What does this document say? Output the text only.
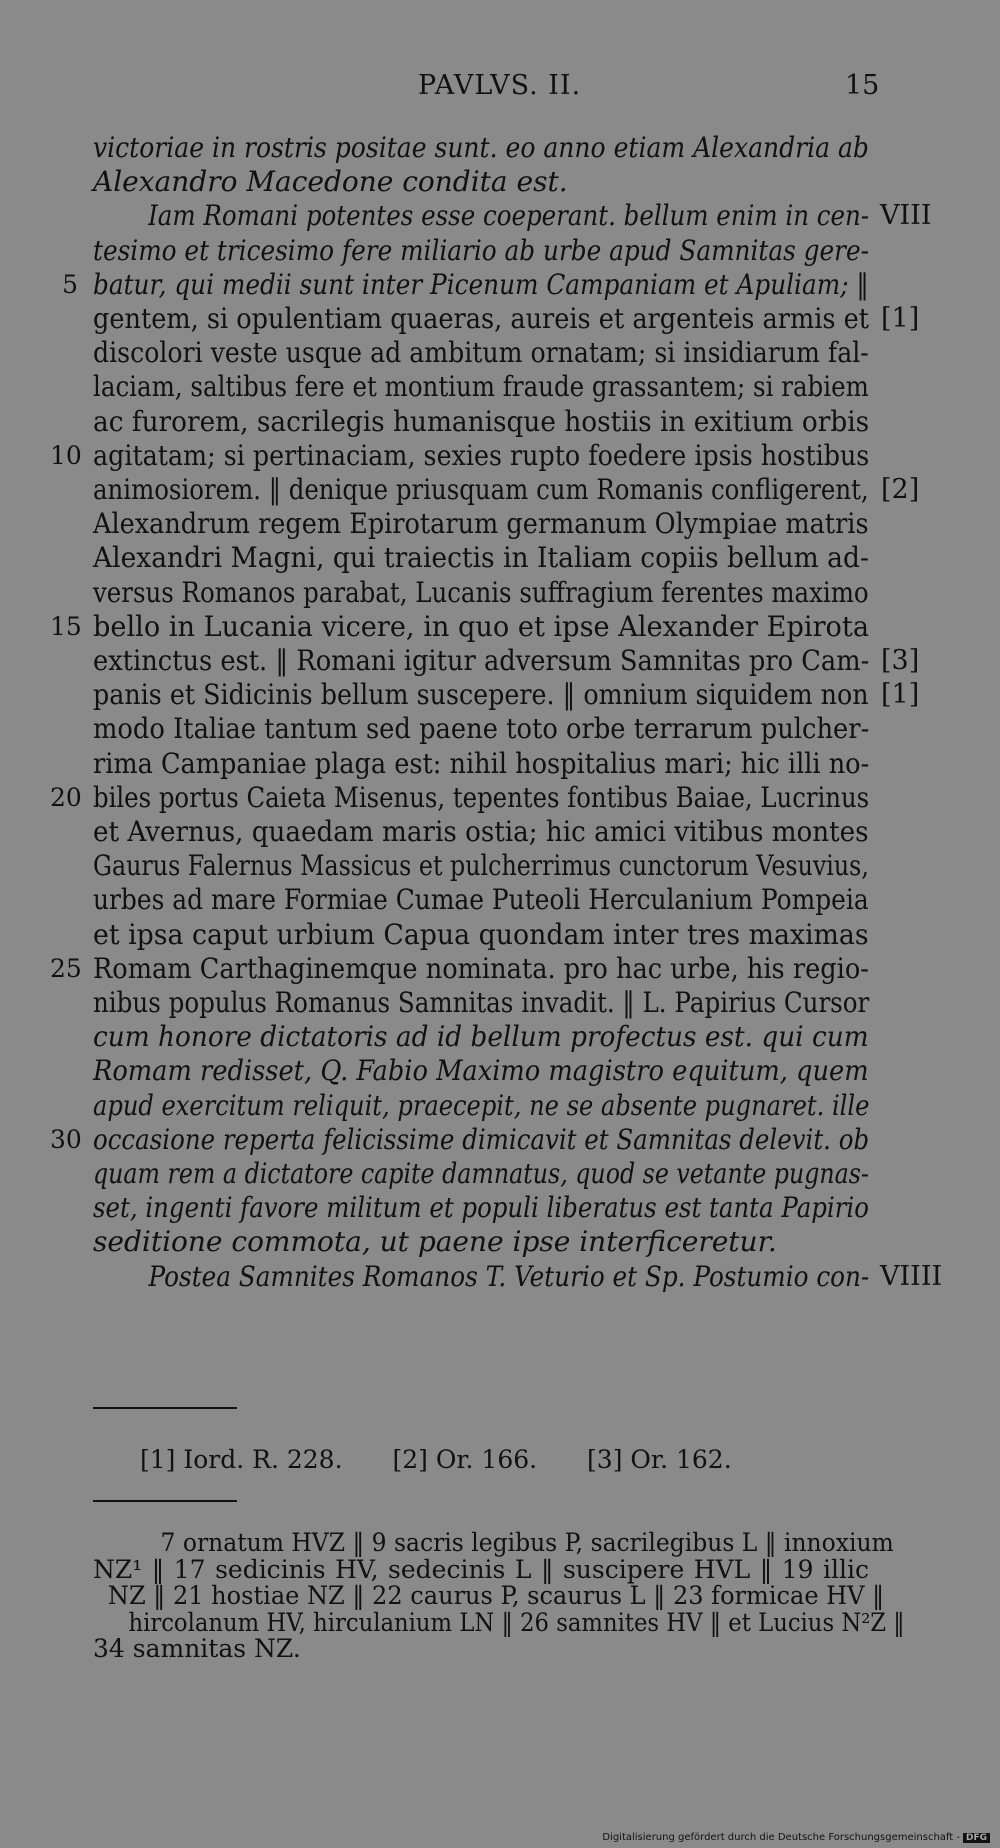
PAVLVS. II.	15
victoriae in rostris positae sunt. eo anno etiam Alexandria ab
Alexandro Macedone condita est.
Iam Romani potentes esse coeperant. bellum enim in cen-
tesimo et tricesimo fere miliario ab urbe apud Samnitas gere-
batur, qui medii sunt inter Picenum Campaniam et Apuliam; ‖
gentem, si opulentiam quaeras, aureis et argenteis armis et
discolori veste usque ad ambitum ornatam; si insidiarum fal-
laciam, saltibus fere et montium fraude grassantem; si rabiem
ac furorem, sacrilegis humanisque hostiis in exitium orbis
agitatam; si pertinaciam, sexies rupto foedere ipsis hostibus
animosiorem. ‖ denique priusquam cum Romanis confligerent,
Alexandrum regem Epirotarum germanum Olympiae matris
Alexandri Magni, qui traiectis in Italiam copiis bellum ad-
versus Romanos parabat, Lucanis suffragium ferentes maximo
bello in Lucania vicere, in quo et ipse Alexander Epirota
extinctus est. ‖ Romani igitur adversum Samnitas pro Cam-
panis et Sidicinis bellum suscepere. ‖ omnium siquidem non
modo Italiae tantum sed paene toto orbe terrarum pulcher-
rima Campaniae plaga est: nihil hospitalius mari; hic illi no-
biles portus Caieta Misenus, tepentes fontibus Baiae, Lucrinus
et Avernus, quaedam maris ostia; hic amici vitibus montes
Gaurus Falernus Massicus et pulcherrimus cunctorum Vesuvius,
urbes ad mare Formiae Cumae Puteoli Herculanium Pompeia
et ipsa caput urbium Capua quondam inter tres maximas
Romam Carthaginemque nominata. pro hac urbe, his regio-
nibus populus Romanus Samnitas invadit. ‖ L. Papirius Cursor
cum honore dictatoris ad id bellum profectus est. qui cum
Romam redisset, Q. Fabio Maximo magistro equitum, quem
apud exercitum reliquit, praecepit, ne se absente pugnaret. ille
occasione reperta felicissime dimicavit et Samnitas delevit. ob
quam rem a dictatore capite damnatus, quod se vetante pugnas-
set, ingenti favore militum et populi liberatus est tanta Papirio
seditione commota, ut paene ipse interficeretur.
Postea Samnites Romanos T. Veturio et Sp. Postumio con-
5
10
15
20
25
30
VIII
[1]
[2]
[3]
[1]
VIIII
[1] Iord. R. 228. [2] Or. 166. [3] Or. 162.
7 ornatum HVZ ‖ 9 sacris legibus P, sacrilegibus L ‖ innoxium
NZ¹ ‖ 17 sedicinis HV, sedecinis L ‖ suscipere HVL ‖ 19 illic
NZ ‖ 21 hostiae NZ ‖ 22 caurus P, scaurus L ‖ 23 formicae HV ‖
hircolanum HV, hirculanium LN ‖ 26 samnites HV ‖ et Lucius N²Z ‖
34 samnitas NZ.
Digitalisierung gefördert durch die Deutsche Forschungsgemeinschaft - DFG
